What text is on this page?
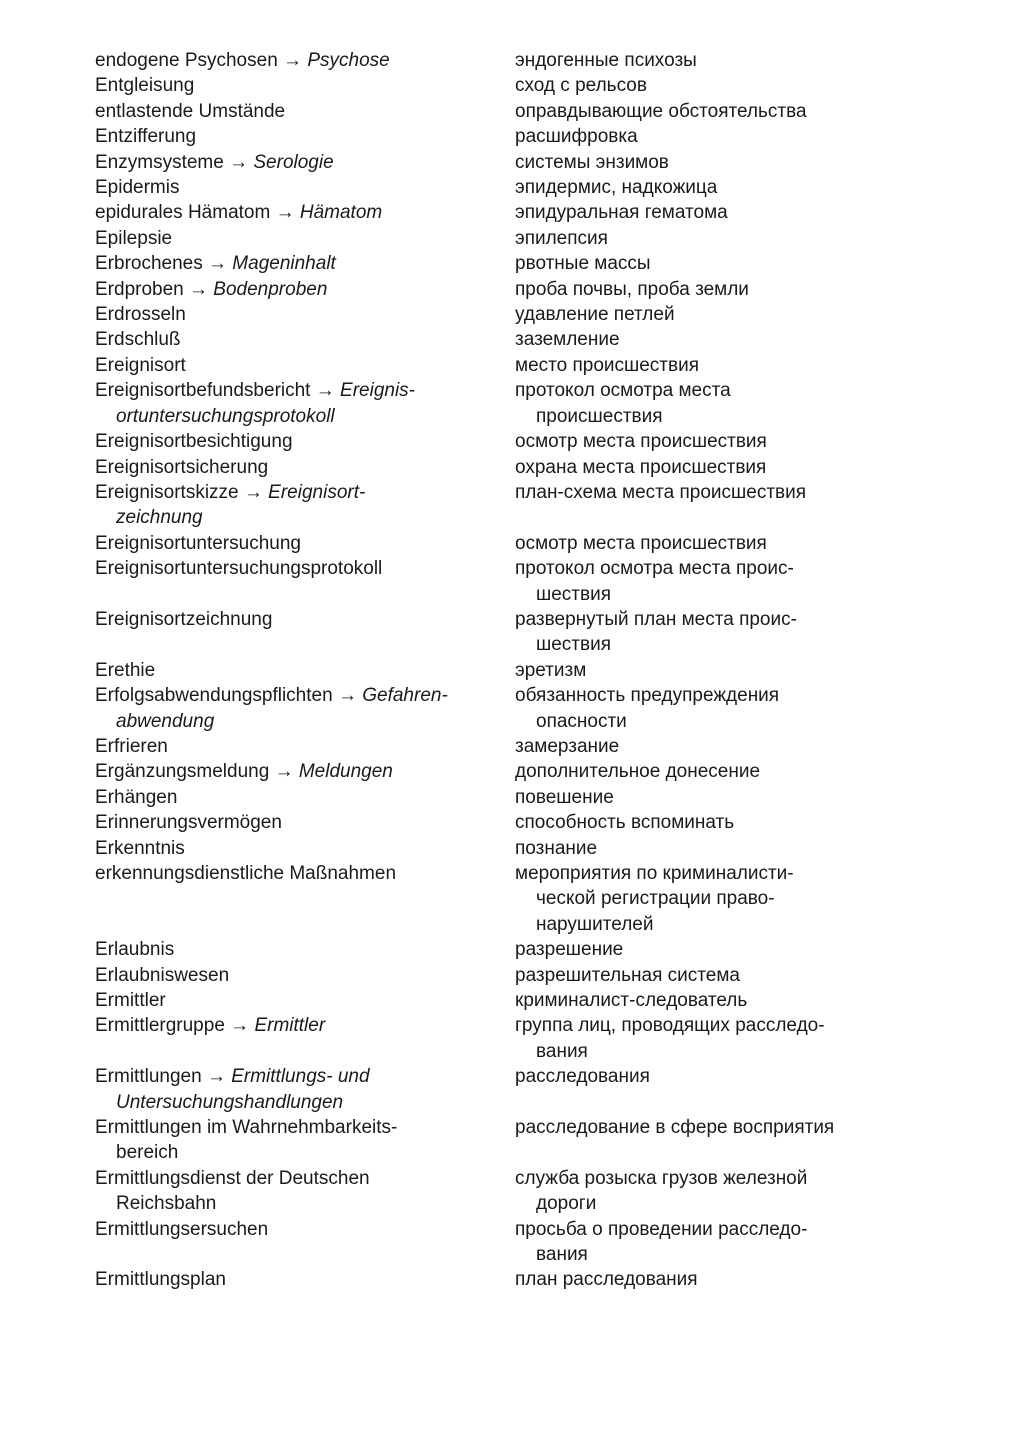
endogene Psychosen → Psychose
Entgleisung
entlastende Umstände
Entzifferung
Enzymsysteme → Serologie
Epidermis
epidurales Hämatom → Hämatom
Epilepsie
Erbrochenes → Mageninhalt
Erdproben → Bodenproben
Erdrosseln
Erdschluß
Ereignisort
Ereignisortbefundsbericht → Ereignis-
ortuntersuchungsprotokoll
Ereignisortbesichtigung
Ereignisortsicherung
Ereignisortskizze → Ereignisort-
zeichnung
Ereignisortuntersuchung
Ereignisortuntersuchungsprotokoll
Ereignisortzeichnung
Erethie
Erfolgsabwendungspflichten → Gefahren-
abwendung
Erfrieren
Ergänzungsmeldung → Meldungen
Erhängen
Erinnerungsvermögen
Erkenntnis
erkennungsdienstliche Maßnahmen
Erlaubnis
Erlaubniswesen
Ermittler
Ermittlergruppe → Ermittler
Ermittlungen → Ermittlungs- und
Untersuchungshandlungen
Ermittlungen im Wahrnehmbarkeits-
bereich
Ermittlungsdienst der Deutschen
Reichsbahn
Ermittlungsersuchen
Ermittlungsplan
эндогенные психозы
сход с рельсов
оправдывающие обстоятельства
расшифровка
системы энзимов
эпидермис, надкожица
эпидуральная гематома
эпилепсия
рвотные массы
проба почвы, проба земли
удавление петлей
заземление
место происшествия
протокол осмотра места
происшествия
осмотр места происшествия
охрана места происшествия
план-схема места происшествия
осмотр места происшествия
протокол осмотра места проис-
шествия
развернутый план места проис-
шествия
эретизм
обязанность предупреждения
опасности
замерзание
дополнительное донесение
повешение
способность вспоминать
познание
мероприятия по криминалисти-
ческой регистрации право-
нарушителей
разрешение
разрешительная система
криминалист-следователь
группа лиц, проводящих расследо-
вания
расследования
расследование в сфере восприятия
служба розыска грузов железной
дороги
просьба о проведении расследо-
вания
план расследования
